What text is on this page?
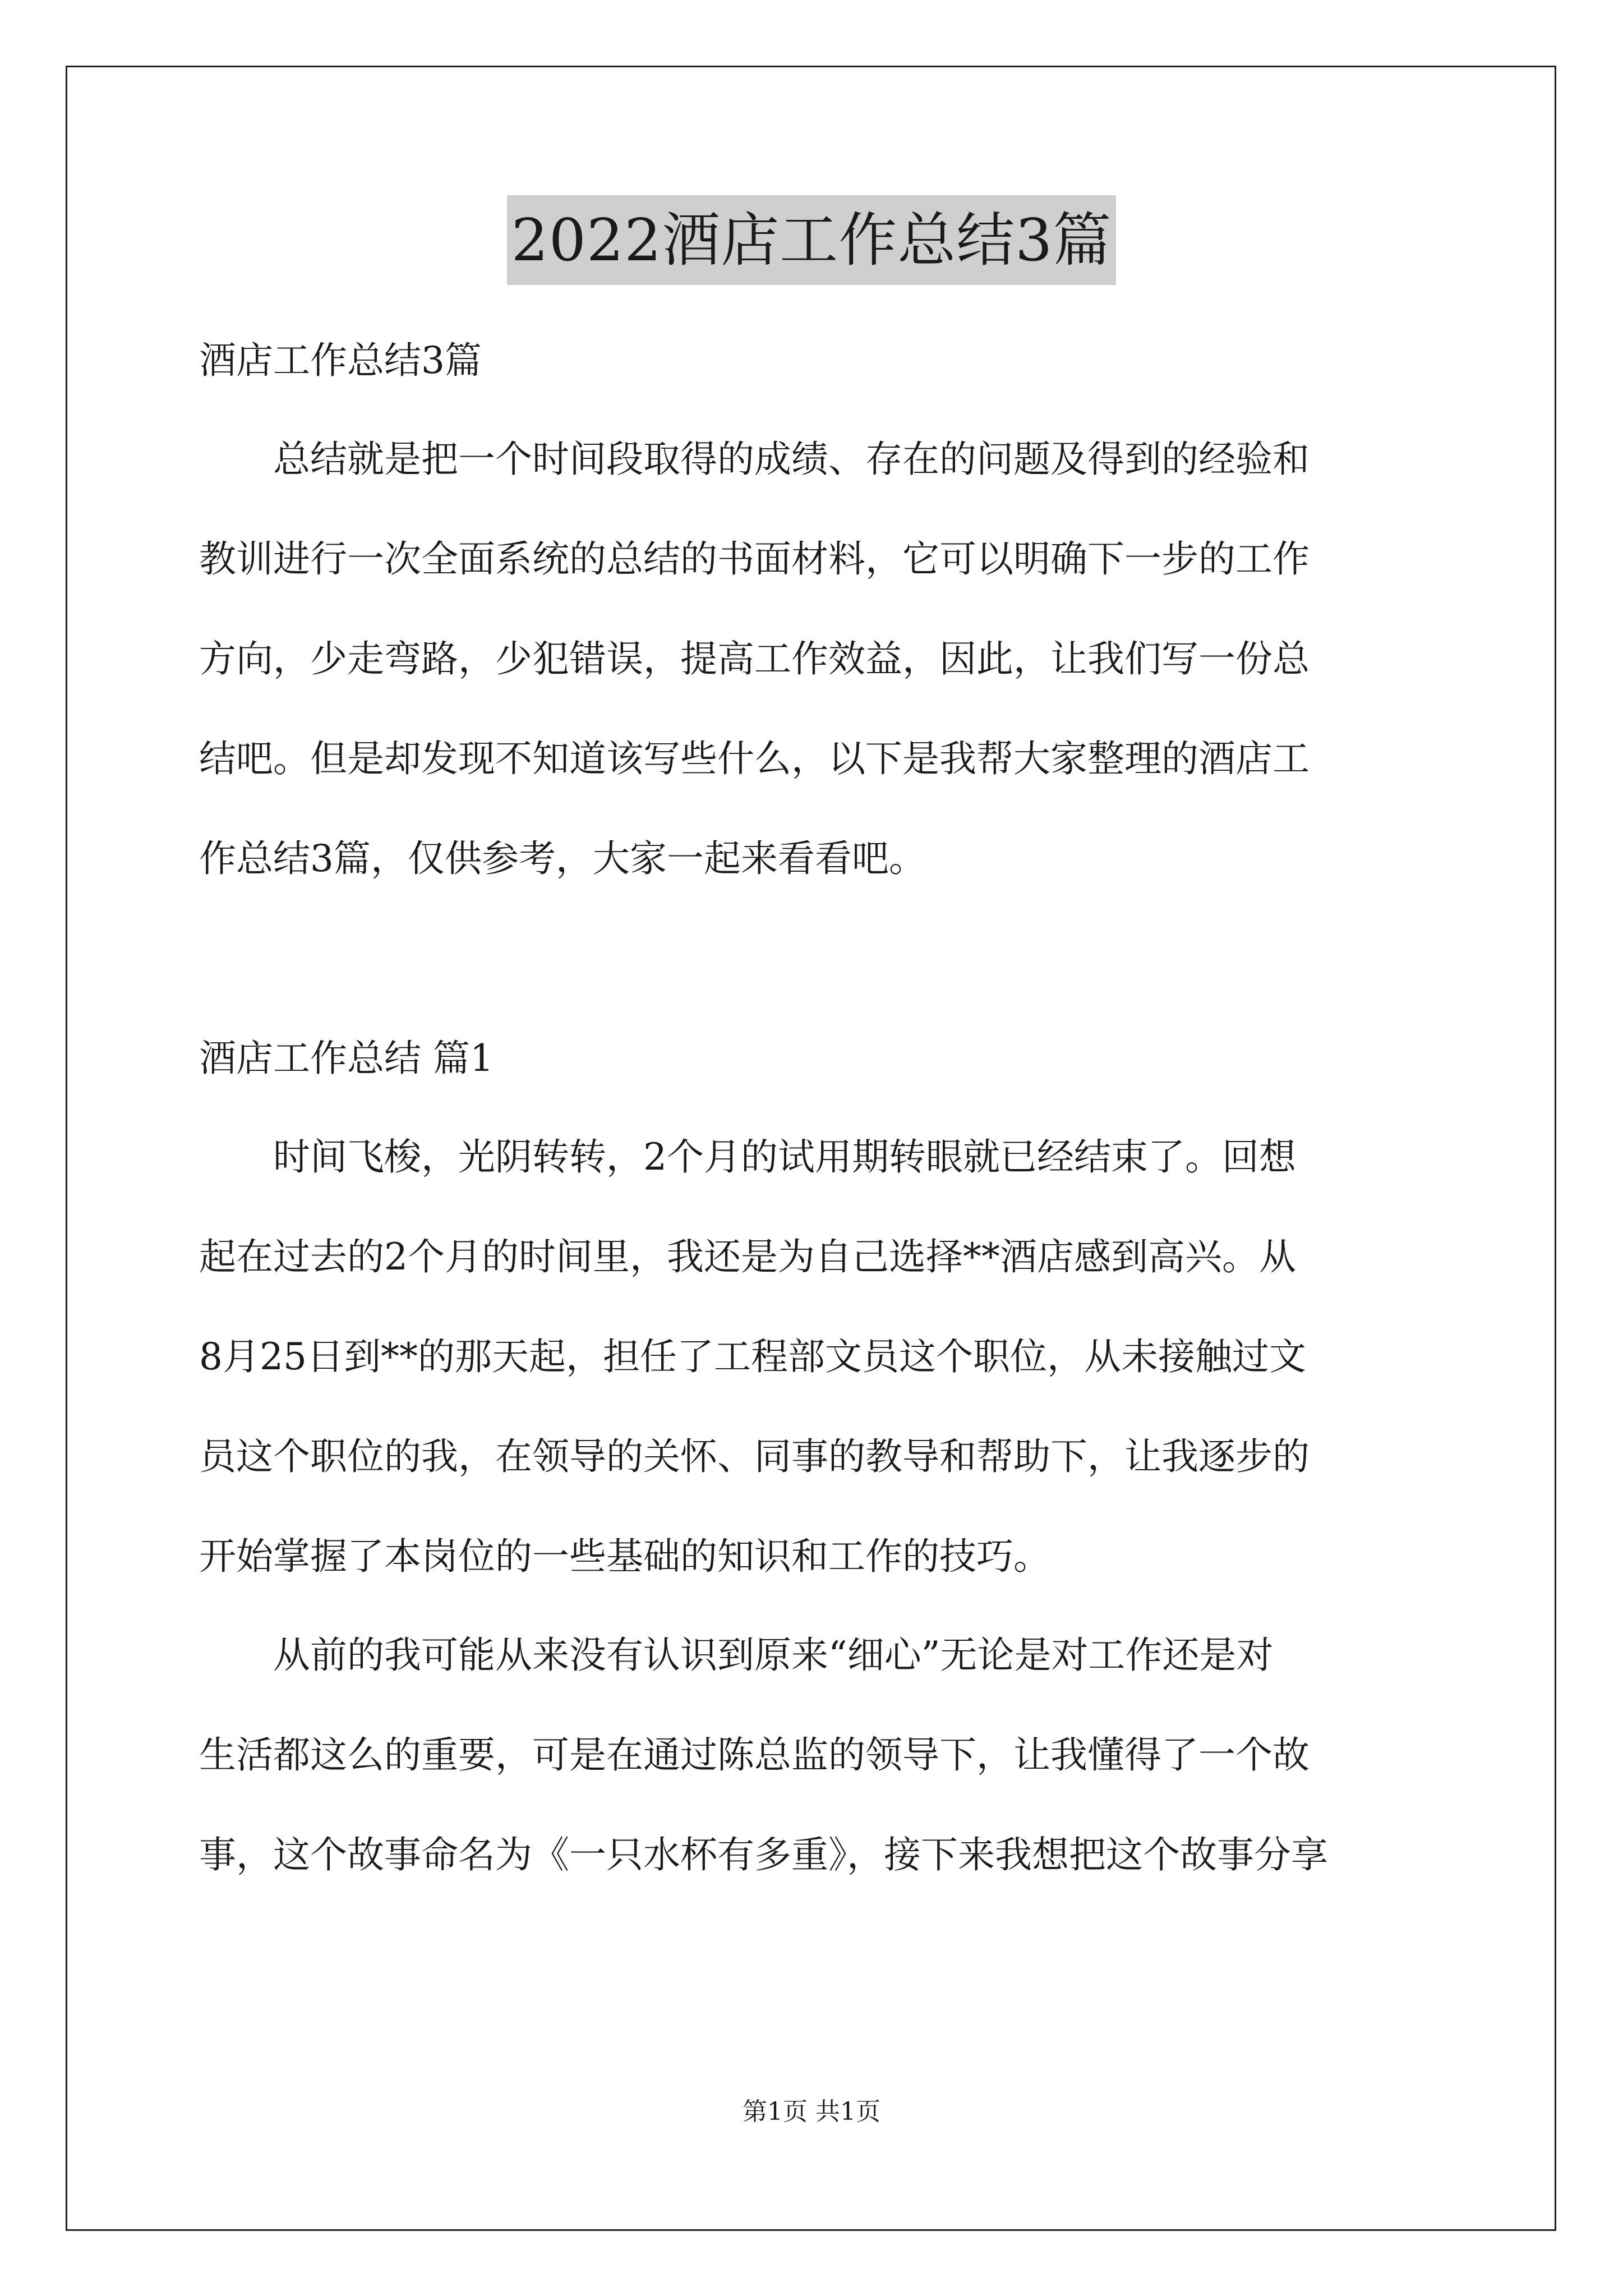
2022酒店工作总结3篇
酒店工作总结3篇
总结就是把一个时间段取得的成绩、存在的问题及得到的经验和
教训进行一次全面系统的总结的书面材料，它可以明确下一步的工作
方向，少走弯路，少犯错误，提高工作效益，因此，让我们写一份总
结吧。但是却发现不知道该写些什么，以下是我帮大家整理的酒店工
作总结3篇，仅供参考，大家一起来看看吧。
酒店工作总结 篇1
时间飞梭，光阴转转，2个月的试用期转眼就已经结束了。回想
起在过去的2个月的时间里，我还是为自己选择**酒店感到高兴。从
8月25日到**的那天起，担任了工程部文员这个职位，从未接触过文
员这个职位的我，在领导的关怀、同事的教导和帮助下，让我逐步的
开始掌握了本岗位的一些基础的知识和工作的技巧。
从前的我可能从来没有认识到原来“细心”无论是对工作还是对
生活都这么的重要，可是在通过陈总监的领导下，让我懂得了一个故
事，这个故事命名为《一只水杯有多重》，接下来我想把这个故事分享
第1页 共1页
